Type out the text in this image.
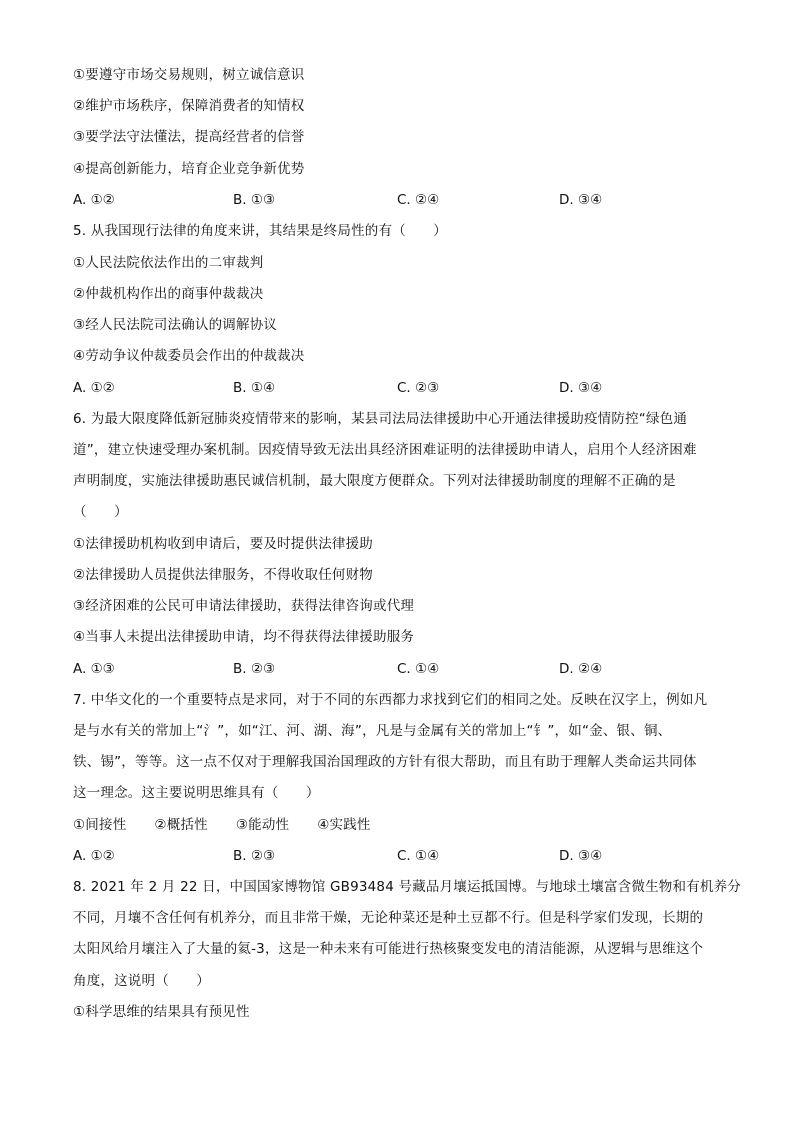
①要遵守市场交易规则，树立诚信意识
②维护市场秩序，保障消费者的知情权
③要学法守法懂法，提高经营者的信誉
④提高创新能力，培育企业竞争新优势
A. ①②	B. ①③	C. ②④	D. ③④
5. 从我国现行法律的角度来讲，其结果是终局性的有（　　）
①人民法院依法作出的二审裁判
②仲裁机构作出的商事仲裁裁决
③经人民法院司法确认的调解协议
④劳动争议仲裁委员会作出的仲裁裁决
A. ①②	B. ①④	C. ②③	D. ③④
6. 为最大限度降低新冠肺炎疫情带来的影响，某县司法局法律援助中心开通法律援助疫情防控“绿色通
道”，建立快速受理办案机制。因疫情导致无法出具经济困难证明的法律援助申请人，启用个人经济困难
声明制度，实施法律援助惠民诚信机制，最大限度方便群众。下列对法律援助制度的理解不正确的是
（　　）
①法律援助机构收到申请后，要及时提供法律援助
②法律援助人员提供法律服务，不得收取任何财物
③经济困难的公民可申请法律援助，获得法律咨询或代理
④当事人未提出法律援助申请，均不得获得法律援助服务
A. ①③	B. ②③	C. ①④	D. ②④
7. 中华文化的一个重要特点是求同，对于不同的东西都力求找到它们的相同之处。反映在汉字上，例如凡
是与水有关的常加上“氵”，如“江、河、湖、海”，凡是与金属有关的常加上“钅”，如“金、银、铜、
铁、锡”，等等。这一点不仅对于理解我国治国理政的方针有很大帮助，而且有助于理解人类命运共同体
这一理念。这主要说明思维具有（　　）
①间接性 ②概括性 ③能动性 ④实践性
A. ①②	B. ②③	C. ①④	D. ③④
8. 2021 年 2 月 22 日，中国国家博物馆 GB93484 号藏品月壤运抵国博。与地球土壤富含微生物和有机养分
不同，月壤不含任何有机养分，而且非常干燥，无论种菜还是种土豆都不行。但是科学家们发现，长期的
太阳风给月壤注入了大量的氦-3，这是一种未来有可能进行热核聚变发电的清洁能源，从逻辑与思维这个
角度，这说明（　　）
①科学思维的结果具有预见性
